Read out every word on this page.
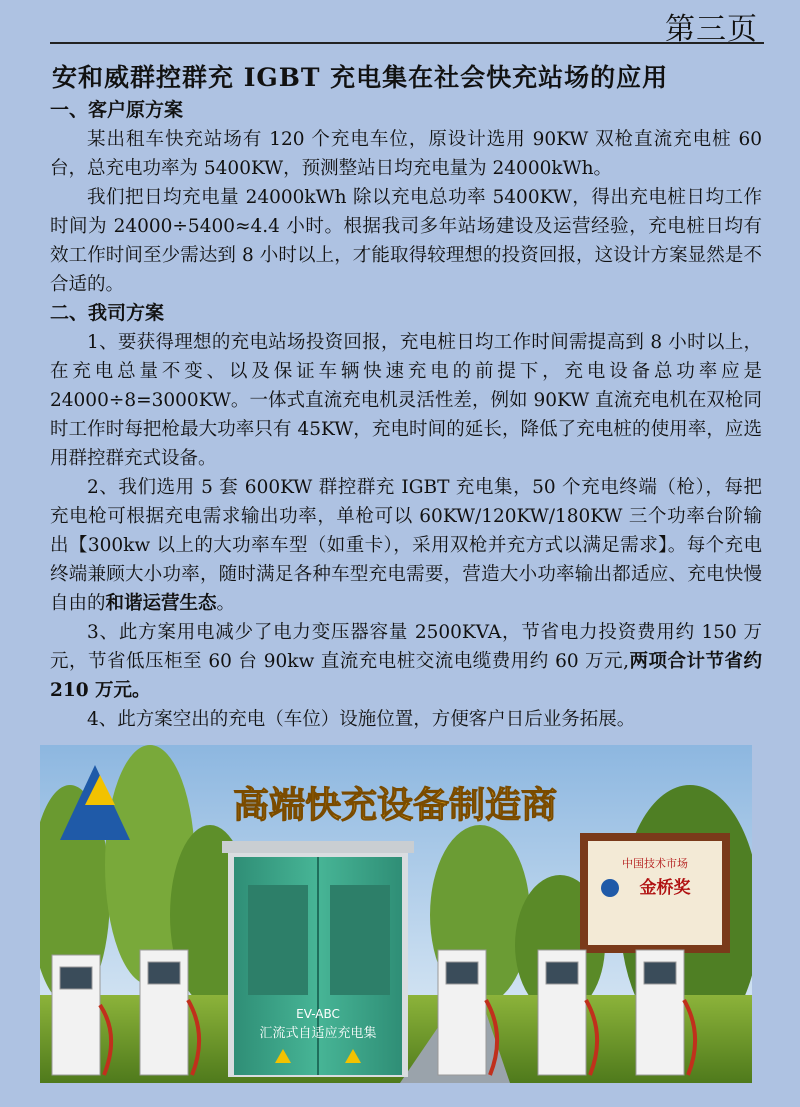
第三页
安和威群控群充 IGBT 充电集在社会快充站场的应用
一、客户原方案

某出租车快充站场有 120 个充电车位，原设计选用 90KW 双枪直流充电桩 60 台，总充电功率为 5400KW，预测整站日均充电量为 24000kWh。

我们把日均充电量 24000kWh 除以充电总功率 5400KW，得出充电桩日均工作时间为 24000÷5400≈4.4 小时。根据我司多年站场建设及运营经验，充电桩日均有效工作时间至少需达到 8 小时以上，才能取得较理想的投资回报，这设计方案显然是不合适的。

二、我司方案

1、要获得理想的充电站场投资回报，充电桩日均工作时间需提高到 8 小时以上，在充电总量不变、以及保证车辆快速充电的前提下，充电设备总功率应是 24000÷8=3000KW。一体式直流充电机灵活性差，例如 90KW 直流充电机在双枪同时工作时每把枪最大功率只有 45KW，充电时间的延长，降低了充电桩的使用率，应选用群控群充式设备。

2、我们选用 5 套 600KW 群控群充 IGBT 充电集，50 个充电终端（枪），每把充电枪可根据充电需求输出功率，单枪可以 60KW/120KW/180KW 三个功率台阶输出【300kw 以上的大功率车型（如重卡），采用双枪并充方式以满足需求】。每个充电终端兼顾大小功率，随时满足各种车型充电需要，营造大小功率输出都适应、充电快慢自由的和谐运营生态。

3、此方案用电减少了电力变压器容量 2500KVA，节省电力投资费用约 150 万元，节省低压柜至 60 台 90kw 直流充电桩交流电缆费用约 60 万元,两项合计节省约 210 万元。

4、此方案空出的充电（车位）设施位置，方便客户日后业务拓展。

高端快充设备制造商
中国技术市场
金桥奖
EV-ABC
汇流式自适应充电集
